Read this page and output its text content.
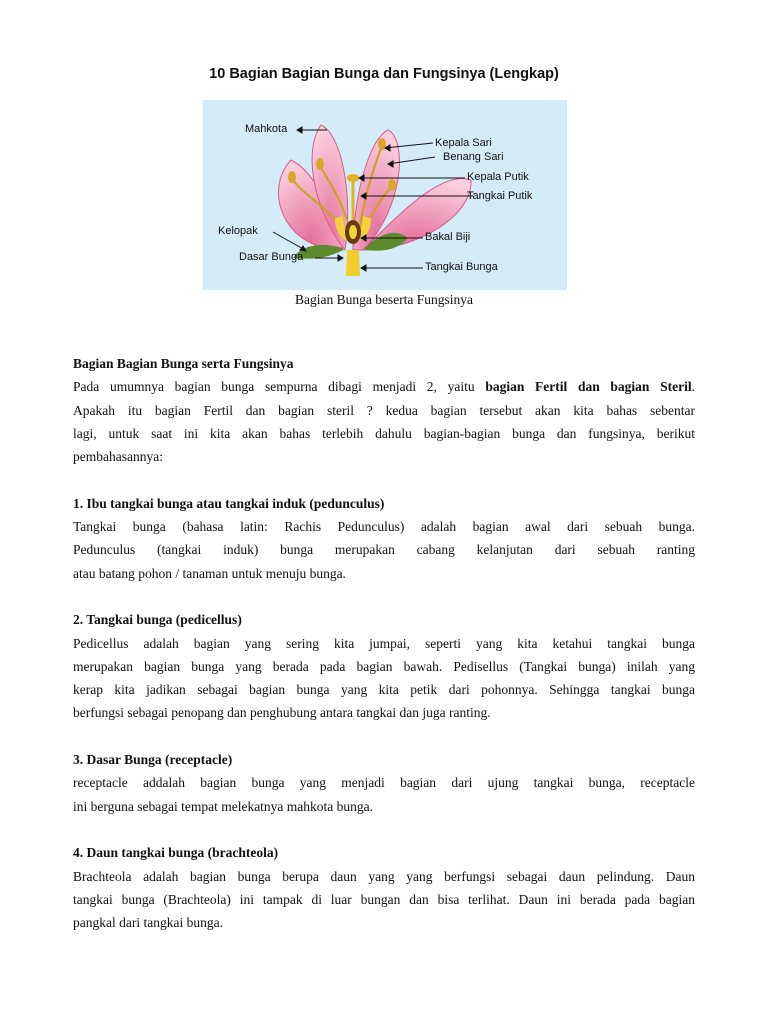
10 Bagian Bagian Bunga dan Fungsinya (Lengkap)
Mahkota
Kepala Sari
Benang Sari
Kepala Putik
Tangkai Putik
Kelopak	Bakal Biji
Dasar Bunga
Tangkai Bunga
Bagian Bunga beserta Fungsinya

Bagian Bagian Bunga serta Fungsinya

Pada umumnya bagian bunga sempurna dibagi menjadi 2, yaitu bagian Fertil dan bagian Steril.

Apakah itu bagian Fertil dan bagian steril ? kedua bagian tersebut akan kita bahas sebentar

lagi, untuk saat ini kita akan bahas terlebih dahulu bagian-bagian bunga dan fungsinya, berikut

pembahasannya:

1. Ibu tangkai bunga atau tangkai induk (pedunculus)

Tangkai bunga (bahasa latin: Rachis Pedunculus) adalah bagian awal dari sebuah bunga.

Pedunculus (tangkai induk) bunga merupakan cabang kelanjutan dari sebuah ranting

atau batang pohon / tanaman untuk menuju bunga.

2. Tangkai bunga (pedicellus)

Pedicellus adalah bagian yang sering kita jumpai, seperti yang kita ketahui tangkai bunga

merupakan bagian bunga yang berada pada bagian bawah. Pedisellus (Tangkai bunga) inilah yang

kerap kita jadikan sebagai bagian bunga yang kita petik dari pohonnya. Sehingga tangkai bunga

berfungsi sebagai penopang dan penghubung antara tangkai dan juga ranting.

3. Dasar Bunga (receptacle)

receptacle addalah bagian bunga yang menjadi bagian dari ujung tangkai bunga, receptacle

ini berguna sebagai tempat melekatnya mahkota bunga.

4. Daun tangkai bunga (brachteola)

Brachteola adalah bagian bunga berupa daun yang yang berfungsi sebagai daun pelindung. Daun

tangkai bunga (Brachteola) ini tampak di luar bungan dan bisa terlihat. Daun ini berada pada bagian

pangkal dari tangkai bunga.
